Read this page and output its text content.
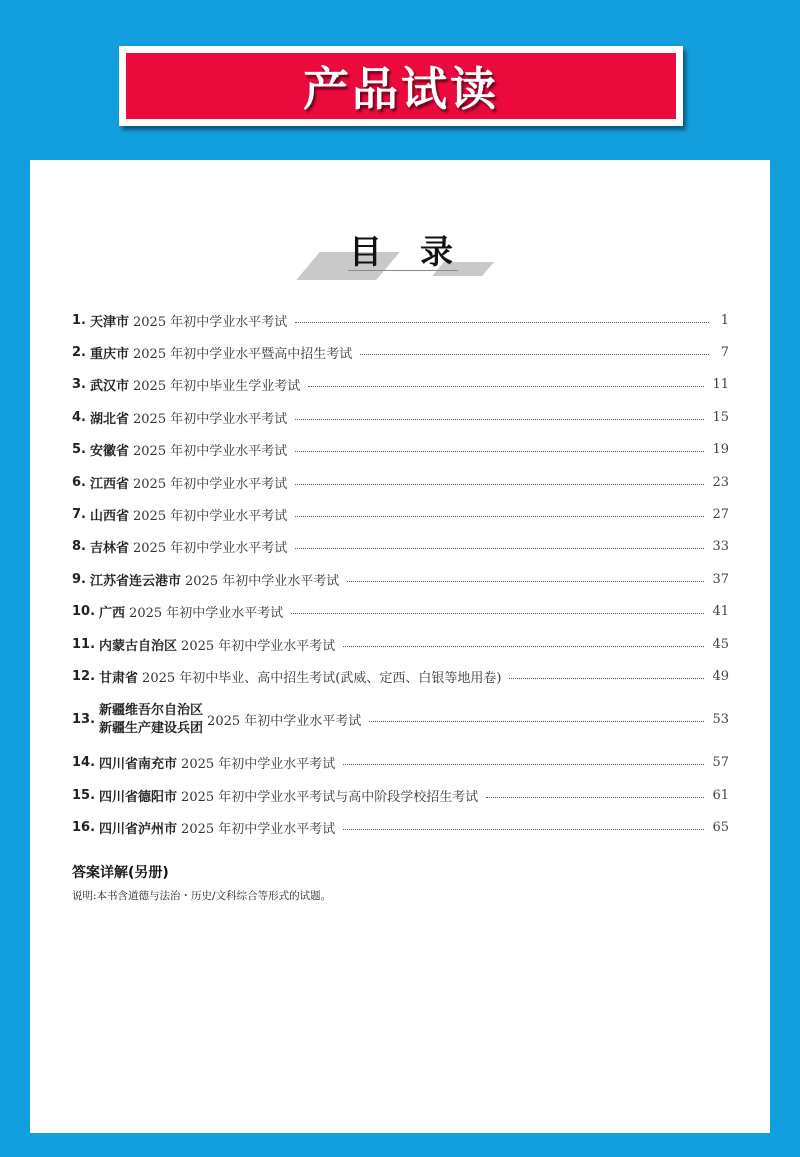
产品试读
目录
1. 天津市 2025 年初中学业水平考试	1
2. 重庆市 2025 年初中学业水平暨高中招生考试	7
3. 武汉市 2025 年初中毕业生学业考试	11
4. 湖北省 2025 年初中学业水平考试	15
5. 安徽省 2025 年初中学业水平考试	19
6. 江西省 2025 年初中学业水平考试	23
7. 山西省 2025 年初中学业水平考试	27
8. 吉林省 2025 年初中学业水平考试	33
9. 江苏省连云港市 2025 年初中学业水平考试	37
10. 广西 2025 年初中学业水平考试	41
11. 内蒙古自治区 2025 年初中学业水平考试	45
12. 甘肃省 2025 年初中毕业、高中招生考试(武威、定西、白银等地用卷)	49
13.
新疆维吾尔自治区
新疆生产建设兵团 2025 年初中学业水平考试	53
14. 四川省南充市 2025 年初中学业水平考试	57
15. 四川省德阳市 2025 年初中学业水平考试与高中阶段学校招生考试	61
16. 四川省泸州市 2025 年初中学业水平考试	65
答案详解(另册)
说明:本书含道德与法治・历史/文科综合等形式的试题。
